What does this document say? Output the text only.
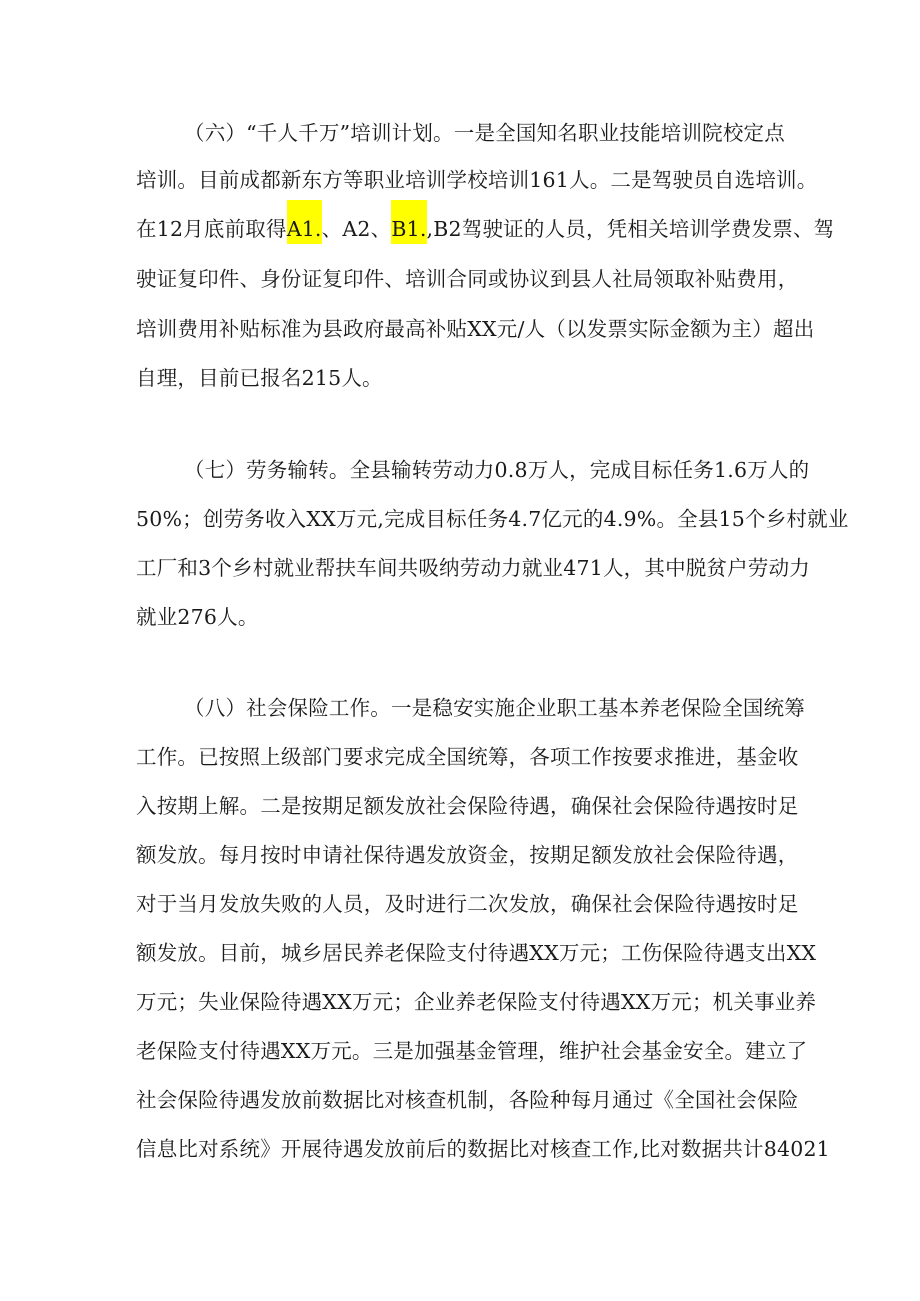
（六）“千人千万”培训计划。一是全国知名职业技能培训院校定点
培训。目前成都新东方等职业培训学校培训161人。二是驾驶员自选培训。
在12月底前取得A1.、A2、B1.,B2驾驶证的人员，凭相关培训学费发票、驾
驶证复印件、身份证复印件、培训合同或协议到县人社局领取补贴费用，
培训费用补贴标准为县政府最高补贴XX元/人（以发票实际金额为主）超出
自理，目前已报名215人。
（七）劳务输转。全县输转劳动力0.8万人，完成目标任务1.6万人的
50%；创劳务收入XX万元,完成目标任务4.7亿元的4.9%。全县15个乡村就业
工厂和3个乡村就业帮扶车间共吸纳劳动力就业471人，其中脱贫户劳动力
就业276人。
（八）社会保险工作。一是稳安实施企业职工基本养老保险全国统筹
工作。已按照上级部门要求完成全国统筹，各项工作按要求推进，基金收
入按期上解。二是按期足额发放社会保险待遇，确保社会保险待遇按时足
额发放。每月按时申请社保待遇发放资金，按期足额发放社会保险待遇，
对于当月发放失败的人员，及时进行二次发放，确保社会保险待遇按时足
额发放。目前，城乡居民养老保险支付待遇XX万元；工伤保险待遇支出XX
万元；失业保险待遇XX万元；企业养老保险支付待遇XX万元；机关事业养
老保险支付待遇XX万元。三是加强基金管理，维护社会基金安全。建立了
社会保险待遇发放前数据比对核查机制，各险种每月通过《全国社会保险
信息比对系统》开展待遇发放前后的数据比对核查工作,比对数据共计84021
